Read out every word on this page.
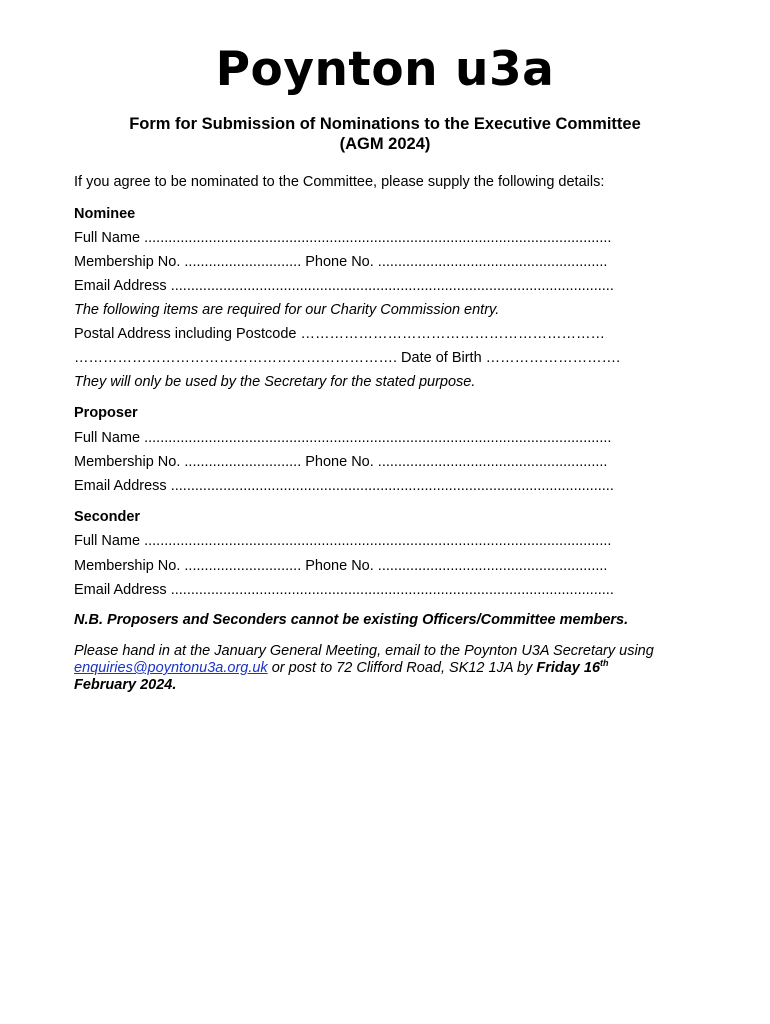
Poynton u3a
Form for Submission of Nominations to the Executive Committee
(AGM 2024)
If you agree to be nominated to the Committee, please supply the following details:
Nominee
Full Name ....................................................................................................................
Membership No. ............................. Phone No. .........................................................
Email Address ..............................................................................................................
The following items are required for our Charity Commission entry.
Postal Address including Postcode ………………………………………………………
…………………………………………………………. Date of Birth ……………………….
They will only be used by the Secretary for the stated purpose.
Proposer
Full Name ....................................................................................................................
Membership No. ............................. Phone No. .........................................................
Email Address ..............................................................................................................
Seconder
Full Name ....................................................................................................................
Membership No. ............................. Phone No. .........................................................
Email Address ..............................................................................................................
N.B. Proposers and Seconders cannot be existing Officers/Committee members.
Please hand in at the January General Meeting, email to the Poynton U3A Secretary using enquiries@poyntonu3a.org.uk or post to 72 Clifford Road, SK12 1JA by Friday 16th
February 2024.
